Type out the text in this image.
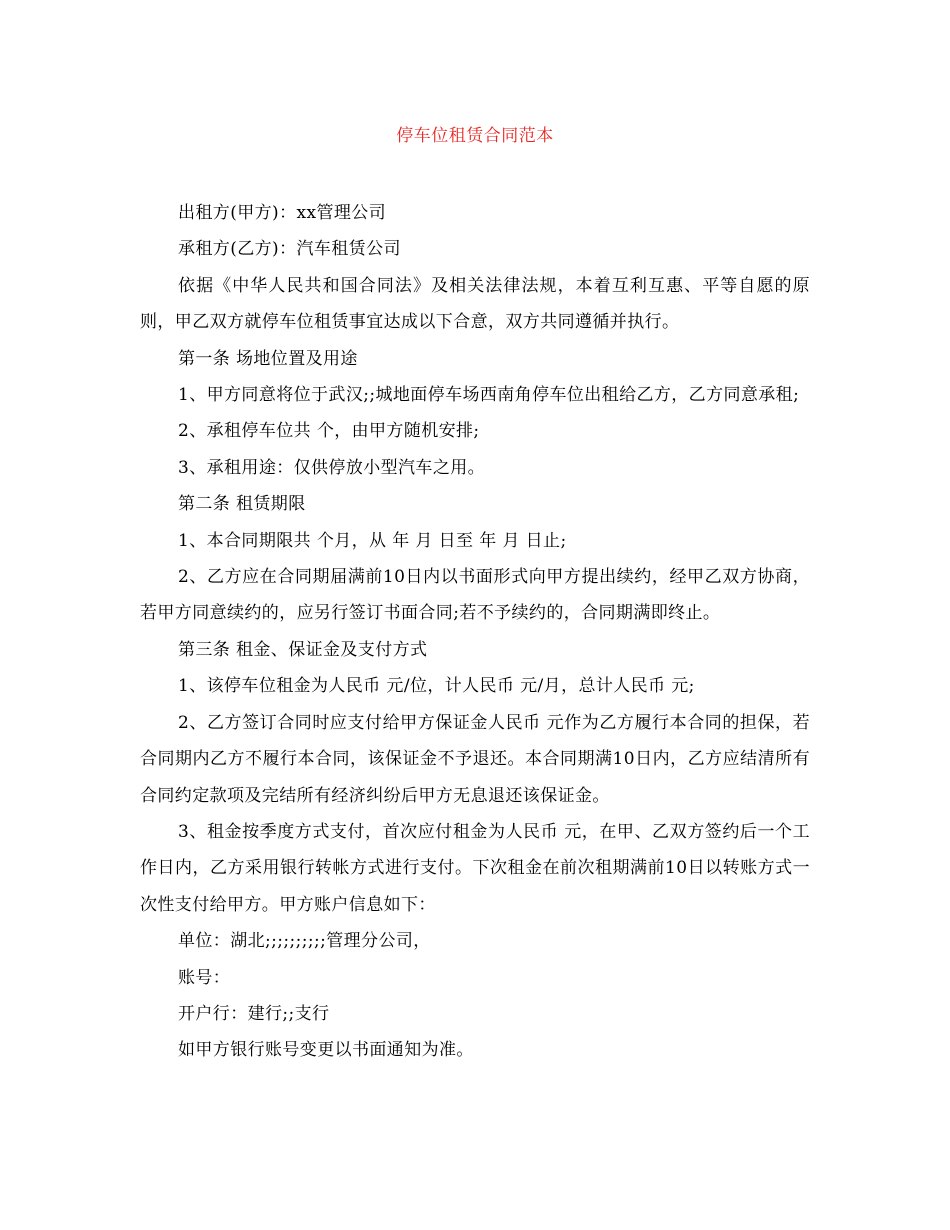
停车位租赁合同范本

出租方(甲方)：xx管理公司

承租方(乙方)：汽车租赁公司

依据《中华人民共和国合同法》及相关法律法规，本着互利互惠、平等自愿的原则，甲乙双方就停车位租赁事宜达成以下合意，双方共同遵循并执行。

第一条 场地位置及用途

1、甲方同意将位于武汉;;城地面停车场西南角停车位出租给乙方，乙方同意承租;

2、承租停车位共 个，由甲方随机安排;

3、承租用途：仅供停放小型汽车之用。

第二条 租赁期限

1、本合同期限共 个月，从 年 月 日至 年 月 日止;

2、乙方应在合同期届满前10日内以书面形式向甲方提出续约，经甲乙双方协商，若甲方同意续约的，应另行签订书面合同;若不予续约的，合同期满即终止。

第三条 租金、保证金及支付方式

1、该停车位租金为人民币 元/位，计人民币 元/月，总计人民币 元;

2、乙方签订合同时应支付给甲方保证金人民币 元作为乙方履行本合同的担保，若合同期内乙方不履行本合同，该保证金不予退还。本合同期满10日内，乙方应结清所有合同约定款项及完结所有经济纠纷后甲方无息退还该保证金。

3、租金按季度方式支付，首次应付租金为人民币 元，在甲、乙双方签约后一个工作日内，乙方采用银行转帐方式进行支付。下次租金在前次租期满前10日以转账方式一次性支付给甲方。甲方账户信息如下：

单位：湖北;;;;;;;;;;管理分公司，

账号：

开户行：建行;;支行

如甲方银行账号变更以书面通知为准。
